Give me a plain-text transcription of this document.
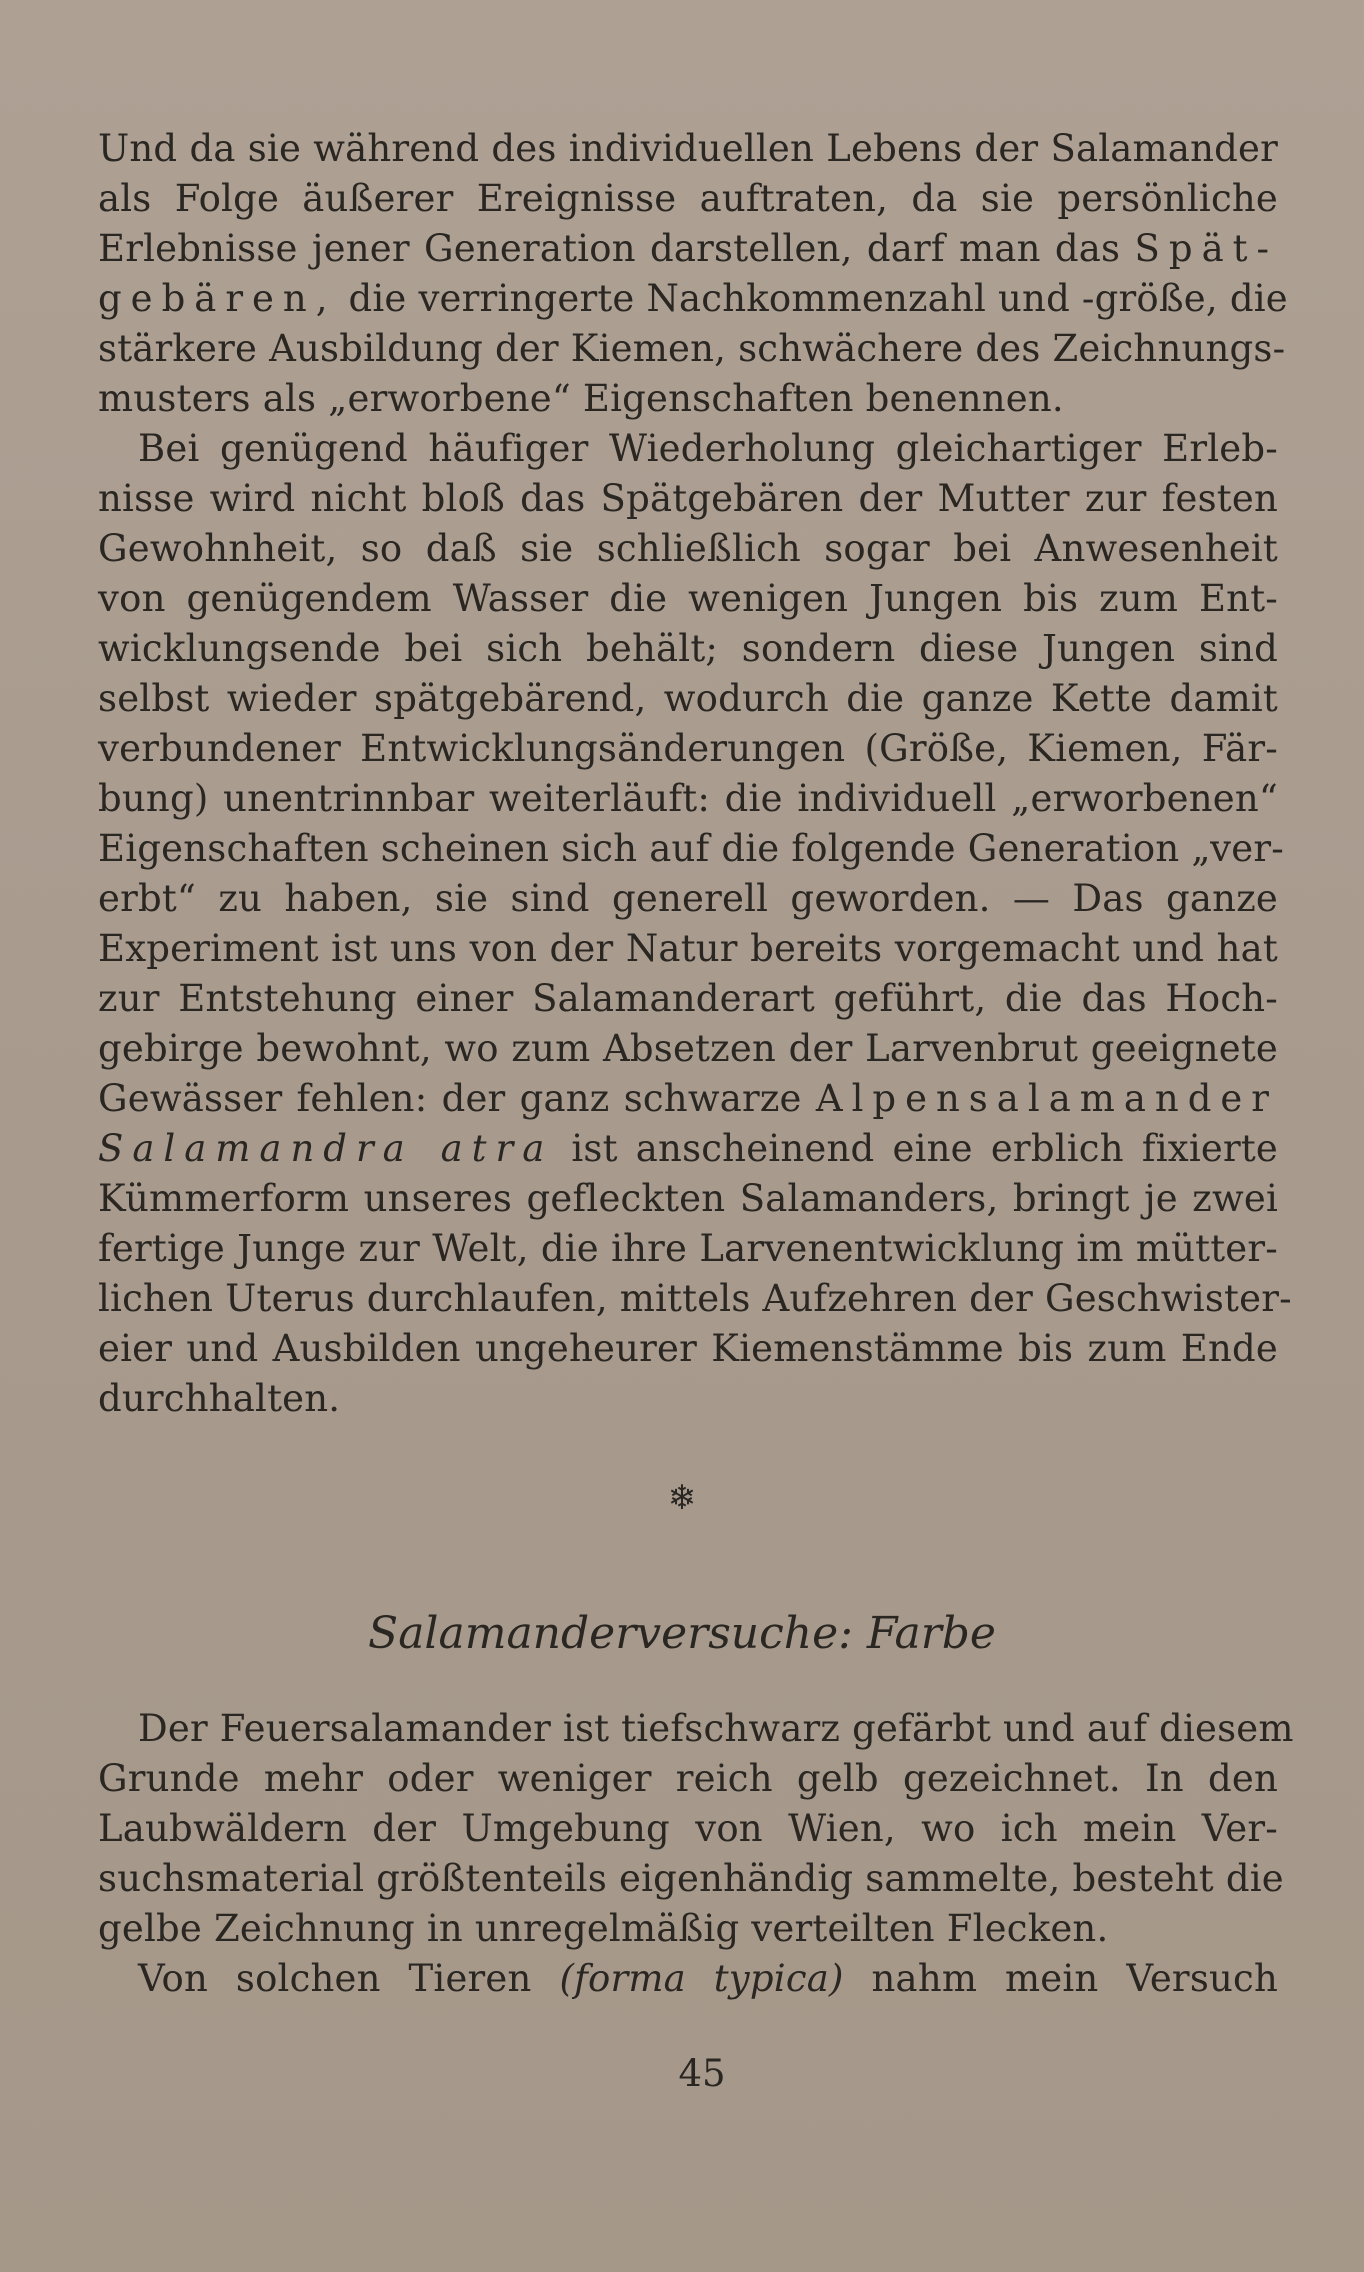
Und da sie während des individuellen Lebens der Salamander
als Folge äußerer Ereignisse auftraten, da sie persönliche
Erlebnisse jener Generation darstellen, darf man das Spät-
gebären, die verringerte Nachkommenzahl und -größe, die
stärkere Ausbildung der Kiemen, schwächere des Zeichnungs-
musters als „erworbene“ Eigenschaften benennen.
Bei genügend häufiger Wiederholung gleichartiger Erleb-
nisse wird nicht bloß das Spätgebären der Mutter zur festen
Gewohnheit, so daß sie schließlich sogar bei Anwesenheit
von genügendem Wasser die wenigen Jungen bis zum Ent-
wicklungsende bei sich behält; sondern diese Jungen sind
selbst wieder spätgebärend, wodurch die ganze Kette damit
verbundener Entwicklungsänderungen (Größe, Kiemen, Fär-
bung) unentrinnbar weiterläuft: die individuell „erworbenen“
Eigenschaften scheinen sich auf die folgende Generation „ver-
erbt“ zu haben, sie sind generell geworden. — Das ganze
Experiment ist uns von der Natur bereits vorgemacht und hat
zur Entstehung einer Salamanderart geführt, die das Hoch-
gebirge bewohnt, wo zum Absetzen der Larvenbrut geeignete
Gewässer fehlen: der ganz schwarze Alpensalamander
Salamandra atra ist anscheinend eine erblich fixierte
Kümmerform unseres gefleckten Salamanders, bringt je zwei
fertige Junge zur Welt, die ihre Larvenentwicklung im mütter-
lichen Uterus durchlaufen, mittels Aufzehren der Geschwister-
eier und Ausbilden ungeheurer Kiemenstämme bis zum Ende
durchhalten.
❄
Salamanderversuche: Farbe
Der Feuersalamander ist tiefschwarz gefärbt und auf diesem
Grunde mehr oder weniger reich gelb gezeichnet. In den
Laubwäldern der Umgebung von Wien, wo ich mein Ver-
suchsmaterial größtenteils eigenhändig sammelte, besteht die
gelbe Zeichnung in unregelmäßig verteilten Flecken.
Von solchen Tieren (forma typica) nahm mein Versuch
45
